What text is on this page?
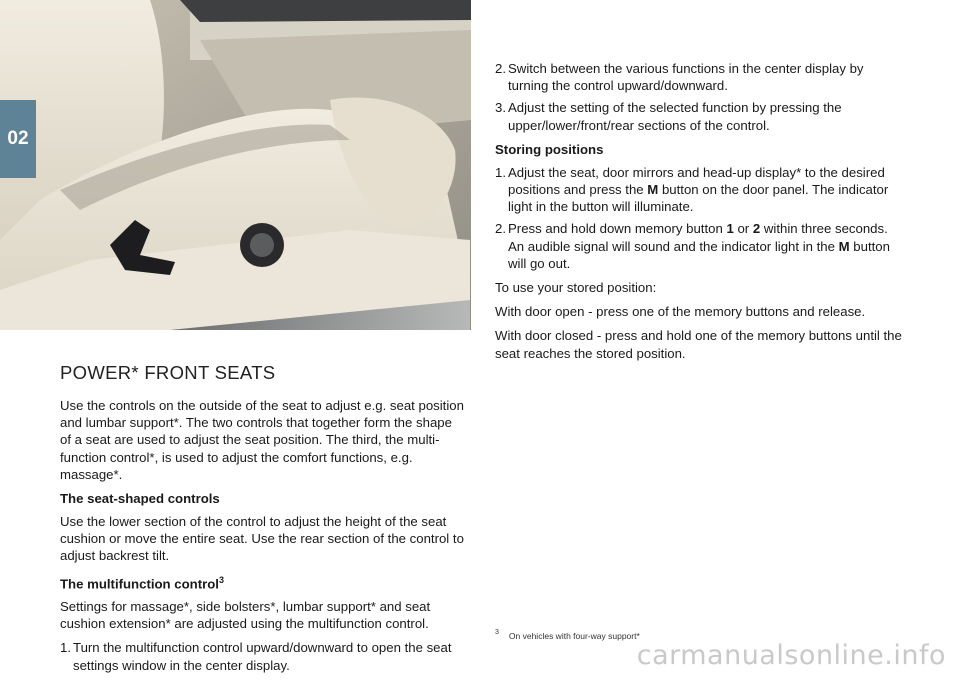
02
POWER* FRONT SEATS

Use the controls on the outside of the seat to adjust e.g. seat position and lumbar support*. The two controls that together form the shape of a seat are used to adjust the seat position. The third, the multi-function control*, is used to adjust the comfort functions, e.g. massage*.

The seat-shaped controls

Use the lower section of the control to adjust the height of the seat cushion or move the entire seat. Use the rear section of the control to adjust backrest tilt.

The multifunction control$^3$

Settings for massage*, side bolsters*, lumbar support* and seat cushion extension* are adjusted using the multifunction control.

1. Turn the multifunction control upward/downward to open the seat settings window in the center display.
2. Switch between the various functions in the center display by turning the control upward/downward.
3. Adjust the setting of the selected function by pressing the upper/lower/front/rear sections of the control.
Storing positions
1. Adjust the seat, door mirrors and head-up display* to the desired positions and press the M button on the door panel. The indicator light in the button will illuminate.
2. Press and hold down memory button 1 or 2 within three seconds. An audible signal will sound and the indicator light in the M button will go out.

To use your stored position:

With door open - press one of the memory buttons and release.

With door closed - press and hold one of the memory buttons until the seat reaches the stored position.

3 On vehicles with four-way support*
carmanualsonline.info
